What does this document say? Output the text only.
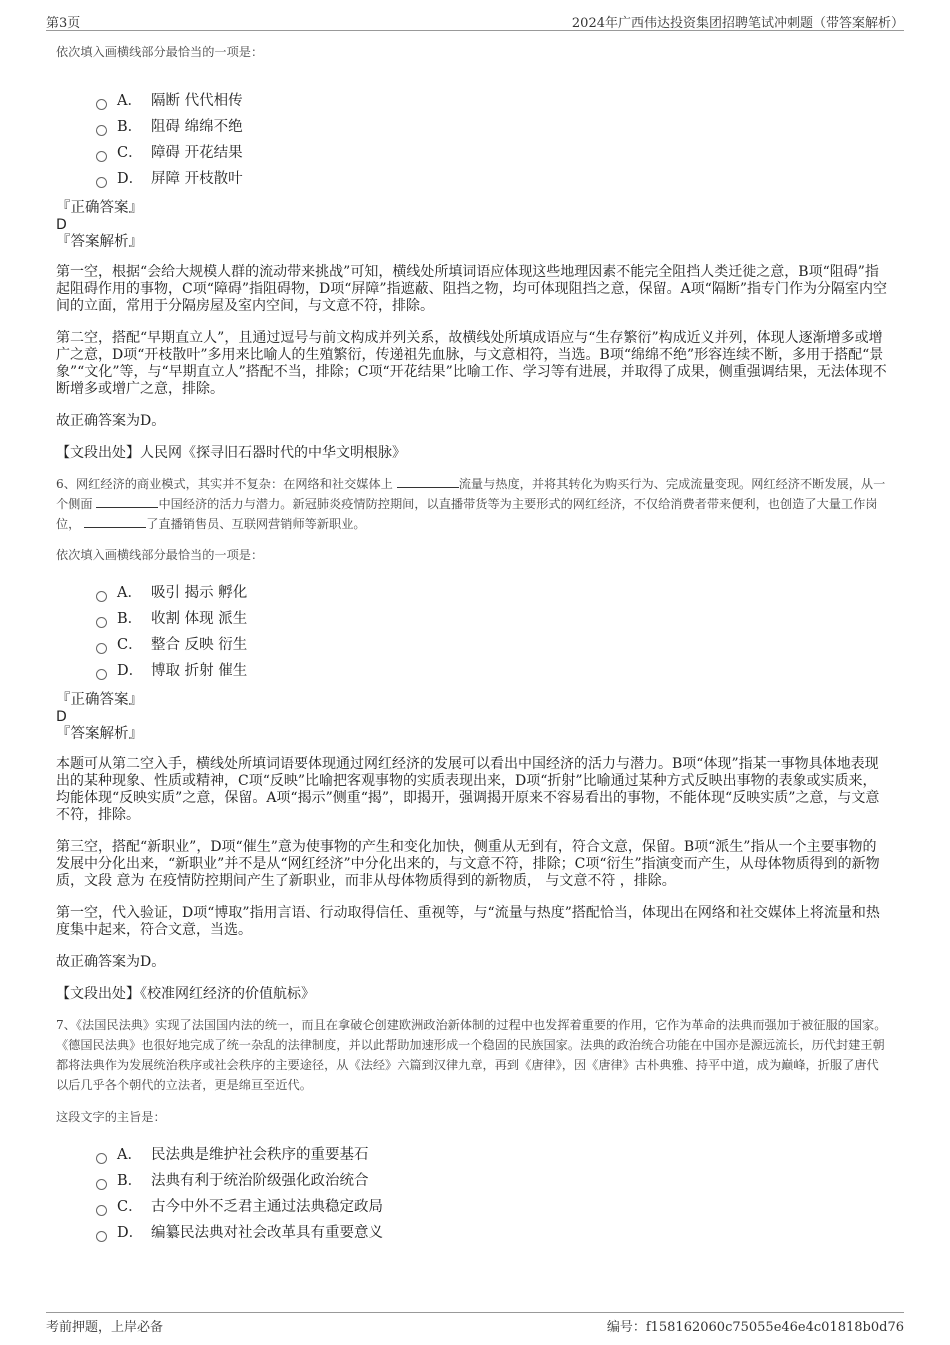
第3页	2024年广西伟达投资集团招聘笔试冲刺题（带答案解析）
依次填入画横线部分最恰当的一项是：
A． 隔断 代代相传
B． 阻碍 绵绵不绝
C． 障碍 开花结果
D． 屏障 开枝散叶
『正确答案』
D
『答案解析』
第一空，根据“会给大规模人群的流动带来挑战”可知，横线处所填词语应体现这些地理因素不能完全阻挡人类迁徙之意，B项“阻碍”指起阻碍作用的事物，C项“障碍”指阻碍物，D项“屏障”指遮蔽、阻挡之物，均可体现阻挡之意，保留。A项“隔断”指专门作为分隔室内空间的立面，常用于分隔房屋及室内空间，与文意不符，排除。
第二空，搭配“早期直立人”，且通过逗号与前文构成并列关系，故横线处所填成语应与“生存繁衍”构成近义并列，体现人逐渐增多或增广之意，D项“开枝散叶”多用来比喻人的生殖繁衍，传递祖先血脉，与文意相符，当选。B项“绵绵不绝”形容连续不断，多用于搭配“景象”“文化”等，与“早期直立人”搭配不当，排除；C项“开花结果”比喻工作、学习等有进展，并取得了成果，侧重强调结果，无法体现不断增多或增广之意，排除。
故正确答案为D。
【文段出处】人民网《探寻旧石器时代的中华文明根脉》
6、网红经济的商业模式，其实并不复杂：在网络和社交媒体上	流量与热度，并将其转化为购买行为、完成流量变现。网红经济不断发展，从一个侧面	中国经济的活力与潜力。新冠肺炎疫情防控期间，以直播带货等为主要形式的网红经济，不仅给消费者带来便利，也创造了大量工作岗位，	了直播销售员、互联网营销师等新职业。
依次填入画横线部分最恰当的一项是：
A． 吸引 揭示 孵化
B． 收割 体现 派生
C． 整合 反映 衍生
D． 博取 折射 催生
『正确答案』
D
『答案解析』
本题可从第二空入手，横线处所填词语要体现通过网红经济的发展可以看出中国经济的活力与潜力。B项“体现”指某一事物具体地表现出的某种现象、性质或精神，C项“反映”比喻把客观事物的实质表现出来，D项“折射”比喻通过某种方式反映出事物的表象或实质来，均能体现“反映实质”之意，保留。A项“揭示”侧重“揭”，即揭开，强调揭开原来不容易看出的事物，不能体现“反映实质”之意，与文意不符，排除。
第三空，搭配“新职业”，D项“催生”意为使事物的产生和变化加快，侧重从无到有，符合文意，保留。B项“派生”指从一个主要事物的发展中分化出来，“新职业”并不是从“网红经济”中分化出来的，与文意不符，排除；C项“衍生”指演变而产生，从母体物质得到的新物质，文段 意为 在疫情防控期间产生了新职业，而非从母体物质得到的新物质， 与文意不符 ，排除。
第一空，代入验证，D项“博取”指用言语、行动取得信任、重视等，与“流量与热度”搭配恰当，体现出在网络和社交媒体上将流量和热度集中起来，符合文意，当选。
故正确答案为D。
【文段出处】《校准网红经济的价值航标》
7、《法国民法典》实现了法国国内法的统一，而且在拿破仑创建欧洲政治新体制的过程中也发挥着重要的作用，它作为革命的法典而强加于被征服的国家。《德国民法典》也很好地完成了统一杂乱的法律制度，并以此帮助加速形成一个稳固的民族国家。法典的政治统合功能在中国亦是源远流长，历代封建王朝都将法典作为发展统治秩序或社会秩序的主要途径，从《法经》六篇到汉律九章，再到《唐律》，因《唐律》古朴典雅、持平中道，成为巅峰，折服了唐代以后几乎各个朝代的立法者，更是绵亘至近代。
这段文字的主旨是：
A． 民法典是维护社会秩序的重要基石
B． 法典有利于统治阶级强化政治统合
C． 古今中外不乏君主通过法典稳定政局
D． 编纂民法典对社会改革具有重要意义
考前押题，上岸必备	编号：f158162060c75055e46e4c01818b0d76
